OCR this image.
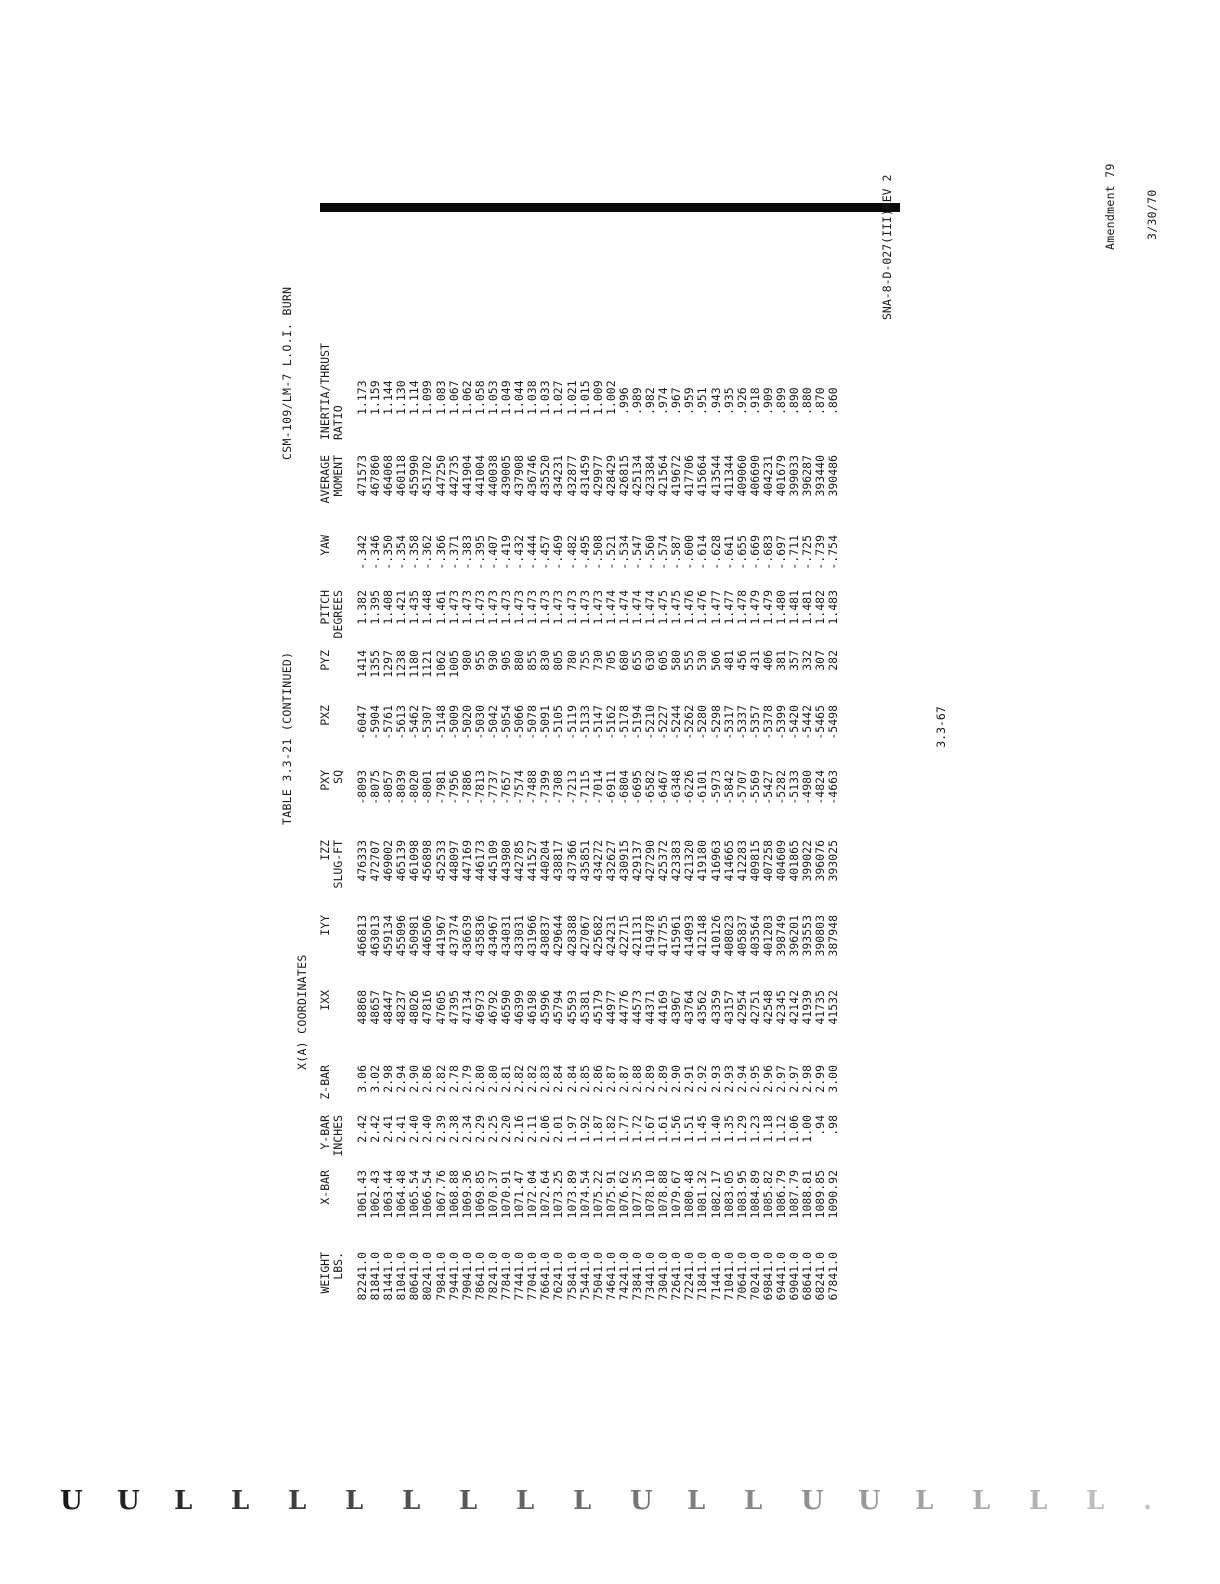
X(A) COORDINATES
TABLE 3.3-21 (CONTINUED)
CSM-109/LM-7 L.O.I. BURN

Amendment 79

3/30/70

WEIGHT LBS.
X-BAR
Y-BAR INCHES
Z-BAR
IXX
IYY
IZZ SLUG-FT
PXY SQ
PXZ
PYZ
PITCH DEGREES
YAW
AVERAGE MOMENT
INERTIA/THRUST RATIO
82241.0
1061.43
2.42
3.06
48868
466813
476333
-8093
-6047
1414
1.382
-.342
471573
1.173
81841.0
1062.43
2.42
3.02
48657
463013
472707
-8075
-5904
1355
1.395
-.346
467860
1.159
81441.0
1063.44
2.41
2.98
48447
459134
469002
-8057
-5761
1297
1.408
-.350
464068
1.144
81041.0
1064.48
2.41
2.94
48237
455096
465139
-8039
-5613
1238
1.421
-.354
460118
1.130
80641.0
1065.54
2.40
2.90
48026
450981
461098
-8020
-5462
1180
1.435
-.358
455990
1.114
80241.0
1066.54
2.40
2.86
47816
446506
456898
-8001
-5307
1121
1.448
-.362
451702
1.099
79841.0
1067.76
2.39
2.82
47605
441967
452533
-7981
-5148
1062
1.461
-.366
447250
1.083
79441.0
1068.88
2.38
2.78
47395
437374
448097
-7956
-5009
1005
1.473
-.371
442735
1.067
79041.0
1069.36
2.34
2.79
47134
436639
447169
-7886
-5020
980
1.473
-.383
441904
1.062
78641.0
1069.85
2.29
2.80
46973
435836
446173
-7813
-5030
955
1.473
-.395
441004
1.058
78241.0
1070.37
2.25
2.80
46792
434967
445109
-7737
-5042
930
1.473
-.407
440038
1.053
77841.0
1070.91
2.20
2.81
46590
434031
443980
-7657
-5054
905
1.473
-.419
439005
1.049
77441.0
1071.47
2.16
2.82
46399
433031
442785
-7574
-5066
880
1.473
-.432
437908
1.044
77041.0
1072.04
2.11
2.82
46198
431966
441527
-7488
-5078
855
1.473
-.444
436746
1.038
76641.0
1072.64
2.06
2.83
45996
430837
440204
-7399
-5091
830
1.473
-.457
435520
1.033
76241.0
1073.25
2.01
2.84
45794
429644
438817
-7308
-5105
805
1.473
-.469
434231
1.027
75841.0
1073.89
1.97
2.84
45593
428388
437366
-7213
-5119
780
1.473
-.482
432877
1.021
75441.0
1074.54
1.92
2.85
45381
427067
435851
-7115
-5133
755
1.473
-.495
431459
1.015
75041.0
1075.22
1.87
2.86
45179
425682
434272
-7014
-5147
730
1.473
-.508
429977
1.009
74641.0
1075.91
1.82
2.87
44977
424231
432627
-6911
-5162
705
1.474
-.521
428429
1.002
74241.0
1076.62
1.77
2.87
44776
422715
430915
-6804
-5178
680
1.474
-.534
426815
.996
73841.0
1077.35
1.72
2.88
44573
421131
429137
-6695
-5194
655
1.474
-.547
425134
.989
73441.0
1078.10
1.67
2.89
44371
419478
427290
-6582
-5210
630
1.474
-.560
423384
.982
73041.0
1078.88
1.61
2.89
44169
417755
425372
-6467
-5227
605
1.475
-.574
421564
.974
72641.0
1079.67
1.56
2.90
43967
415961
423383
-6348
-5244
580
1.475
-.587
419672
.967
72241.0
1080.48
1.51
2.91
43764
414093
421320
-6226
-5262
555
1.476
-.600
417706
.959
71841.0
1081.32
1.45
2.92
43562
412148
419180
-6101
-5280
530
1.476
-.614
415664
.951
71441.0
1082.17
1.40
2.93
43359
410126
416963
-5973
-5298
506
1.477
-.628
413544
.943
71041.0
1083.05
1.35
2.93
43157
408023
414665
-5842
-5317
481
1.477
-.641
411344
.935
70641.0
1083.95
1.29
2.94
42954
405837
412283
-5707
-5337
456
1.478
-.655
409060
.926
70241.0
1084.89
1.23
2.95
42751
403564
409815
-5569
-5357
431
1.479
-.669
406690
.918
69841.0
1085.82
1.18
2.96
42548
401203
407258
-5427
-5378
406
1.479
-.683
404231
.909
69441.0
1086.79
1.12
2.97
42345
398749
404609
-5282
-5399
381
1.480
-.697
401679
.899
69041.0
1087.79
1.06
2.97
42142
396201
401865
-5133
-5420
357
1.481
-.711
399033
.890
68641.0
1088.81
1.00
2.98
41939
393553
399022
-4980
-5442
332
1.481
-.725
396287
.880
68241.0
1089.85
.94
2.99
41735
390803
396076
-4824
-5465
307
1.482
-.739
393440
.870
67841.0
1090.92
.98
3.00
41532
387948
393025
-4663
-5498
282
1.483
-.754
390486
.860
3.3-67
SNA-8-D-027(III)REV 2
U U L L L L L L L L U L L U U L L L L .
